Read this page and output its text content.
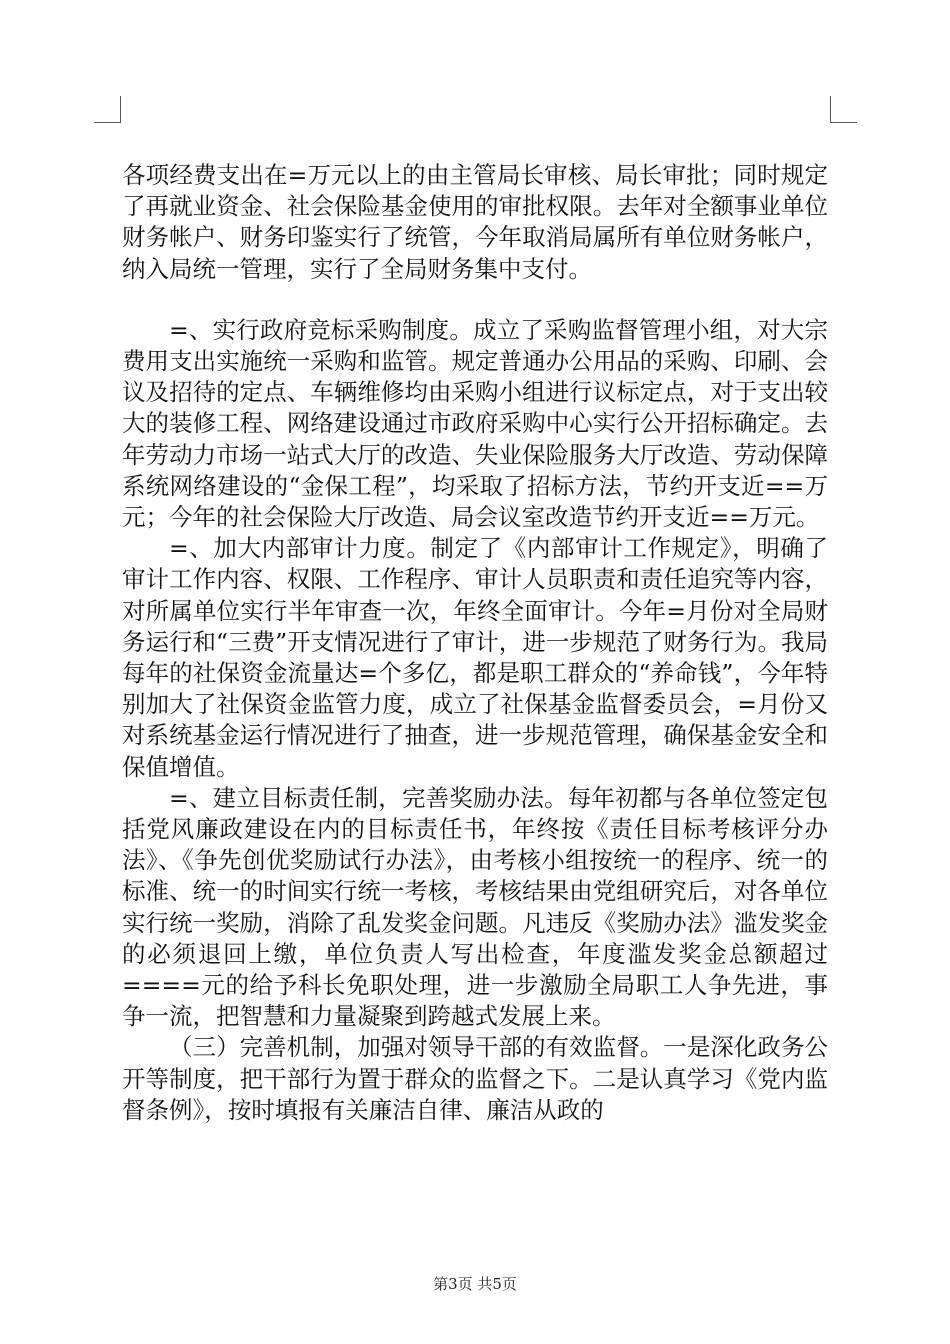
各项经费支出在=万元以上的由主管局长审核、局长审批；同时规定了再就业资金、社会保险基金使用的审批权限。去年对全额事业单位财务帐户、财务印鉴实行了统管，今年取消局属所有单位财务帐户，纳入局统一管理，实行了全局财务集中支付。

=、实行政府竞标采购制度。成立了采购监督管理小组，对大宗费用支出实施统一采购和监管。规定普通办公用品的采购、印刷、会议及招待的定点、车辆维修均由采购小组进行议标定点，对于支出较大的装修工程、网络建设通过市政府采购中心实行公开招标确定。去年劳动力市场一站式大厅的改造、失业保险服务大厅改造、劳动保障系统网络建设的“金保工程”，均采取了招标方法，节约开支近==万元；今年的社会保险大厅改造、局会议室改造节约开支近==万元。

=、加大内部审计力度。制定了《内部审计工作规定》，明确了审计工作内容、权限、工作程序、审计人员职责和责任追究等内容，对所属单位实行半年审查一次，年终全面审计。今年=月份对全局财务运行和“三费”开支情况进行了审计，进一步规范了财务行为。我局每年的社保资金流量达=个多亿，都是职工群众的“养命钱”，今年特别加大了社保资金监管力度，成立了社保基金监督委员会，=月份又对系统基金运行情况进行了抽查，进一步规范管理，确保基金安全和保值增值。

=、建立目标责任制，完善奖励办法。每年初都与各单位签定包括党风廉政建设在内的目标责任书，年终按《责任目标考核评分办法》、《争先创优奖励试行办法》，由考核小组按统一的程序、统一的标准、统一的时间实行统一考核，考核结果由党组研究后，对各单位实行统一奖励，消除了乱发奖金问题。凡违反《奖励办法》滥发奖金的必须退回上缴，单位负责人写出检查，年度滥发奖金总额超过====元的给予科长免职处理，进一步激励全局职工人争先进，事争一流，把智慧和力量凝聚到跨越式发展上来。

（三）完善机制，加强对领导干部的有效监督。一是深化政务公开等制度，把干部行为置于群众的监督之下。二是认真学习《党内监督条例》，按时填报有关廉洁自律、廉洁从政的

第3页 共5页
